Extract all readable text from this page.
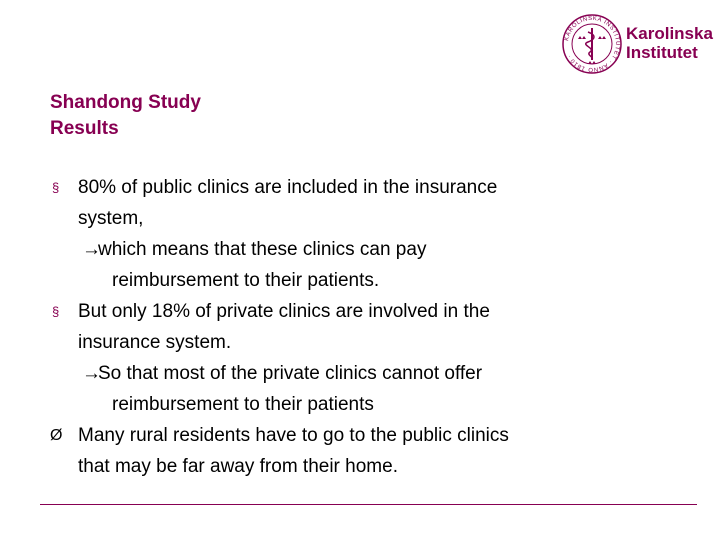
KAROLINSKA INSTITUTET · ANNO 1810 ·
Karolinska
Institutet
Shandong Study
Results
§ 80% of public clinics are included in the insurance
system,
→which means that these clinics can pay
reimbursement to their patients.
§ But only 18% of private clinics are involved in the
insurance system.
→So that most of the private clinics cannot offer
reimbursement to their patients
Ø Many rural residents have to go to the public clinics
that may be far away from their home.
